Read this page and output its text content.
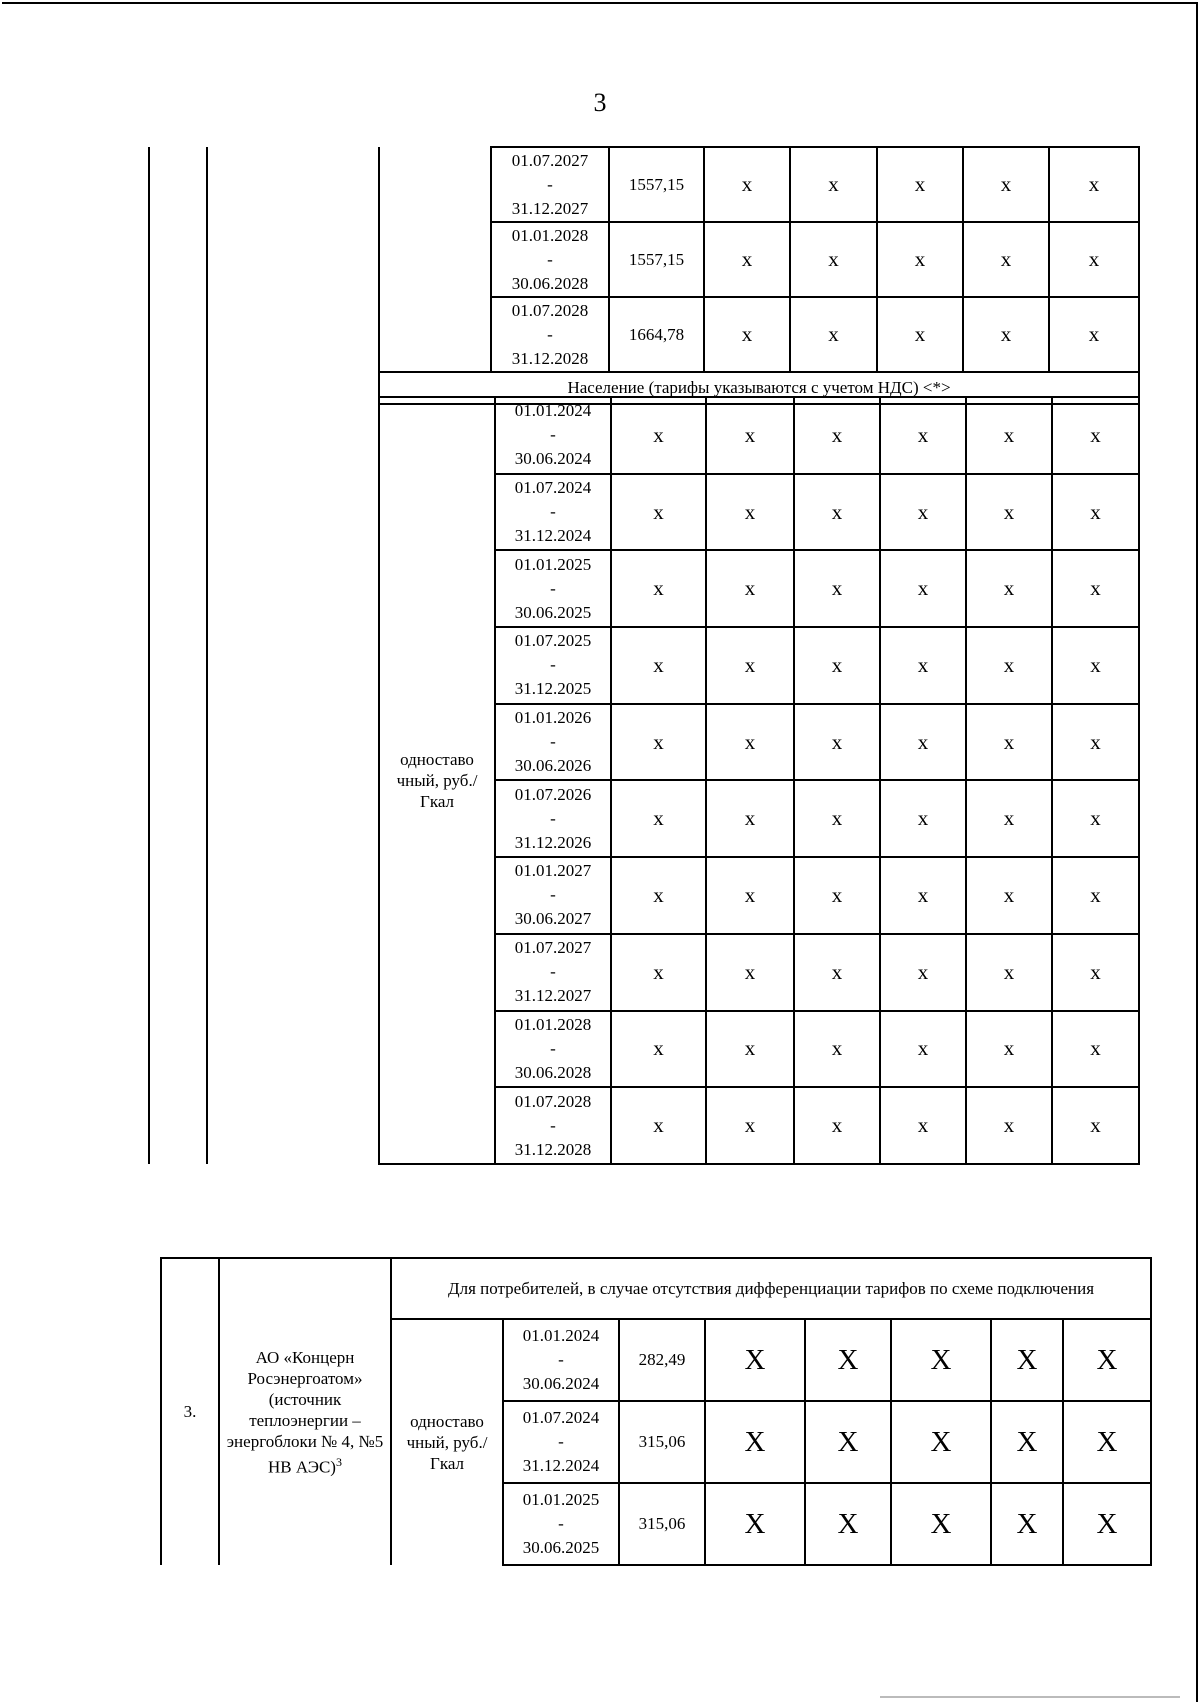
3

			01.07.2027
-
31.12.2027	1557,15	x	x	x	x	x

			01.01.2028
-
30.06.2028	1557,15	x	x	x	x	x

			01.07.2028
-
31.12.2028	1664,78	x	x	x	x	x
		Население (тарифы указываются с учетом НДС) <*>							
		одноставо чный, руб./Гкал	01.01.2024
-
30.06.2024	x	x	x	x	x	x

			01.07.2024
-
31.12.2024	x	x	x	x	x	x

			01.01.2025
-
30.06.2025	x	x	x	x	x	x

			01.07.2025
-
31.12.2025	x	x	x	x	x	x

			01.01.2026
-
30.06.2026	x	x	x	x	x	x

			01.07.2026
-
31.12.2026	x	x	x	x	x	x

			01.01.2027
-
30.06.2027	x	x	x	x	x	x

			01.07.2027
-
31.12.2027	x	x	x	x	x	x

			01.01.2028
-
30.06.2028	x	x	x	x	x	x

			01.07.2028
-
31.12.2028	x	x	x	x	x	x
3.	АО «Концерн Росэнергоатом» (источник теплоэнергии – энергоблоки № 4, №5 НВ АЭС)$^3$	Для потребителей, в случае отсутствия дифференциации тарифов по схеме подключения							
		одноставо чный, руб./Гкал	01.01.2024
-
30.06.2024	282,49	X	X	X	X	X

			01.07.2024
-
31.12.2024	315,06	X	X	X	X	X

			01.01.2025
-
30.06.2025	315,06	X	X	X	X	X
